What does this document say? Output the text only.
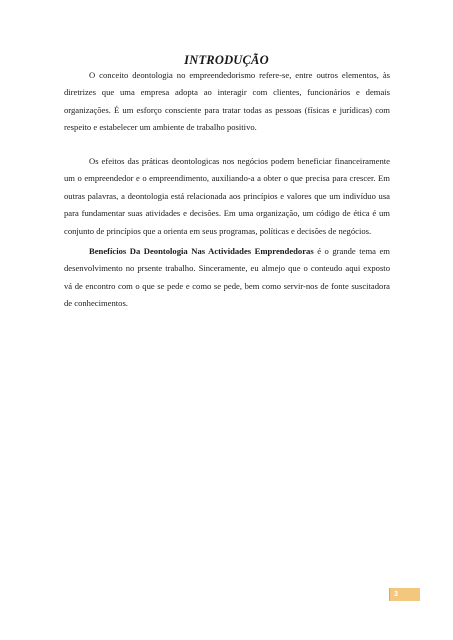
INTRODUÇÃO

O conceito deontologia no empreendedorismo refere-se, entre outros elementos, às diretrizes que uma empresa adopta ao interagir com clientes, funcionários e demais organizações. É um esforço consciente para tratar todas as pessoas (físicas e jurídicas) com respeito e estabelecer um ambiente de trabalho positivo.

Os efeitos das práticas deontologicas nos negócios podem beneficiar financeiramente um o empreendedor e o empreendimento, auxiliando-a a obter o que precisa para crescer. Em outras palavras, a deontologia está relacionada aos princípios e valores que um indivíduo usa para fundamentar suas atividades e decisões. Em uma organização, um código de ética é um conjunto de princípios que a orienta em seus programas, políticas e decisões de negócios.

Benefícios Da Deontologia Nas Actividades Emprendedoras é o grande tema em desenvolvimento no prsente trabalho. Sinceramente, eu almejo que o conteudo aqui exposto vá de encontro com o que se pede e como se pede, bem como servir-nos de fonte suscitadora de conhecimentos.

3
